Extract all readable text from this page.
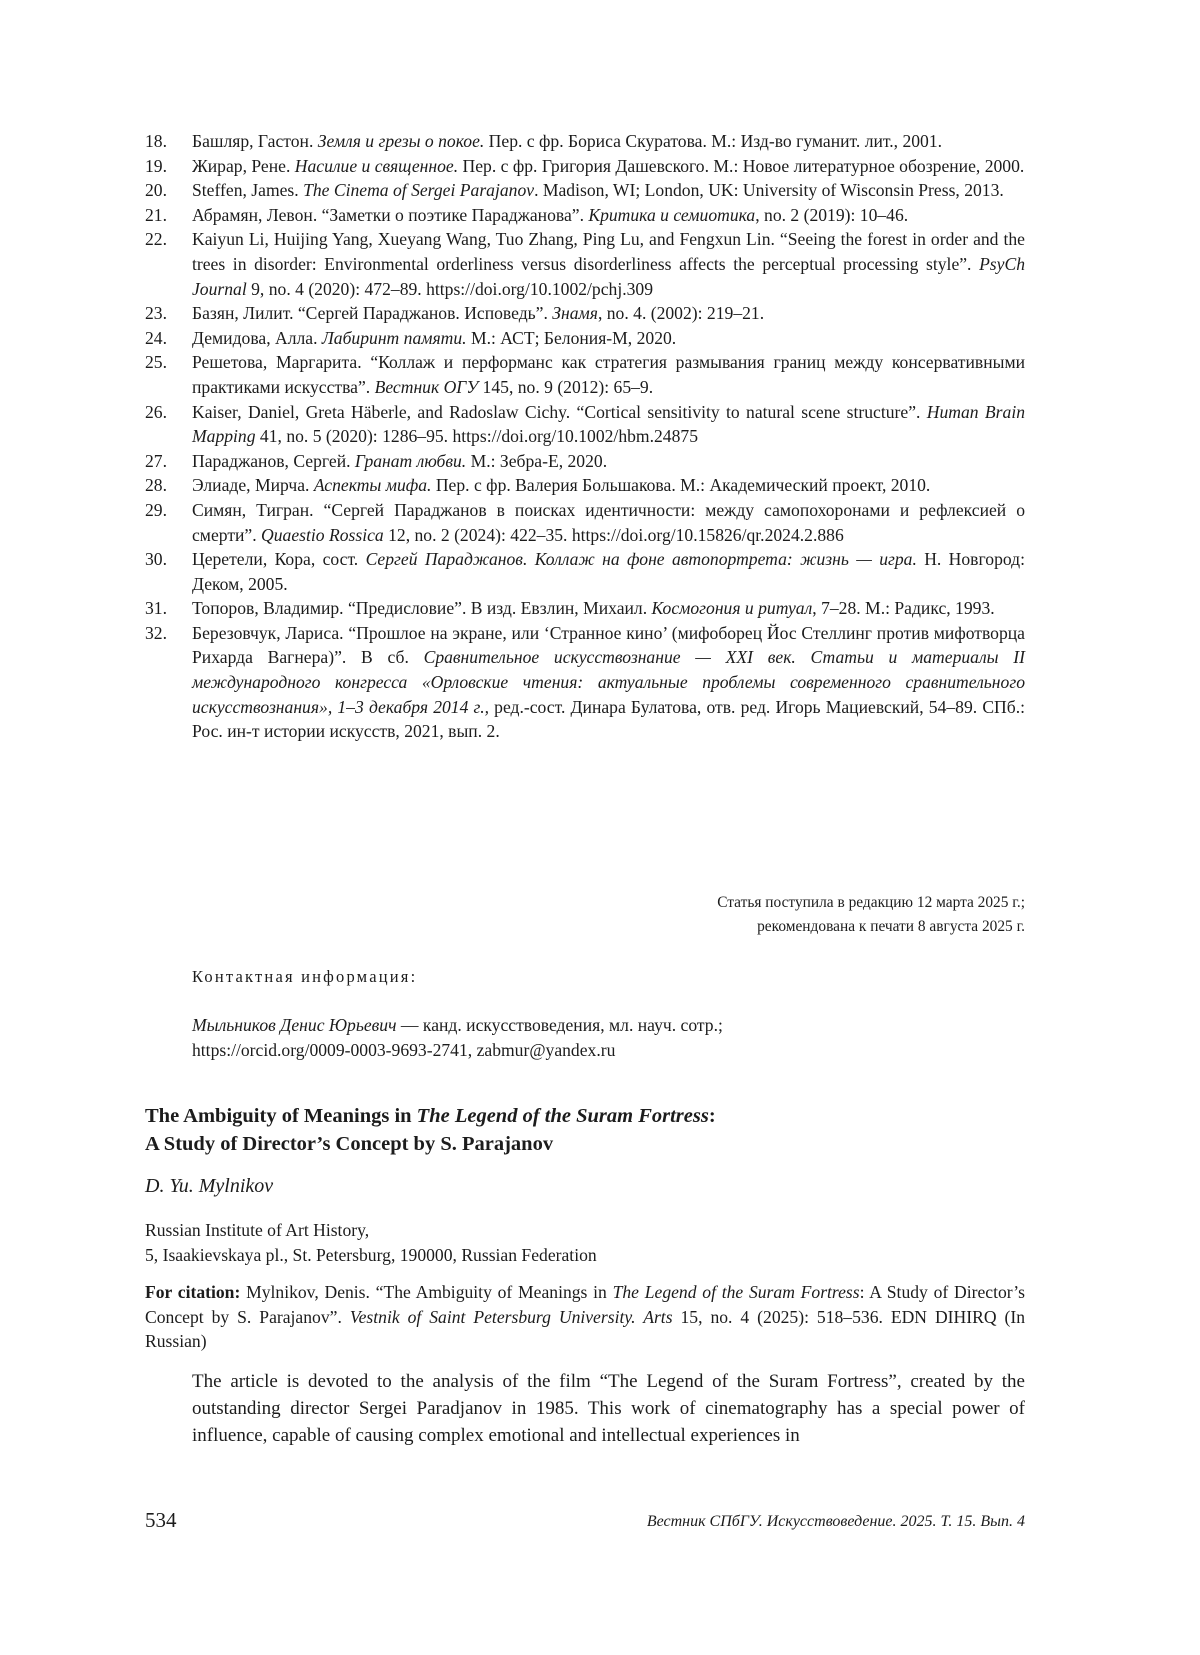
18.	Башляр, Гастон. Земля и грезы о покое. Пер. с фр. Бориса Скуратова. М.: Изд-во гуманит. лит., 2001.
19.	Жирар, Рене. Насилие и священное. Пер. с фр. Григория Дашевского. М.: Новое литературное обозрение, 2000.
20.	Steffen, James. The Cinema of Sergei Parajanov. Madison, WI; London, UK: University of Wisconsin Press, 2013.
21.	Абрамян, Левон. “Заметки о поэтике Параджанова”. Критика и семиотика, no. 2 (2019): 10–46.
22.	Kaiyun Li, Huijing Yang, Xueyang Wang, Tuo Zhang, Ping Lu, and Fengxun Lin. “Seeing the forest in order and the trees in disorder: Environmental orderliness versus disorderliness affects the perceptual processing style”. PsyCh Journal 9, no. 4 (2020): 472–89. https://doi.org/10.1002/pchj.309
23.	Базян, Лилит. “Сергей Параджанов. Исповедь”. Знамя, no. 4. (2002): 219–21.
24.	Демидова, Алла. Лабиринт памяти. М.: АСТ; Белония-М, 2020.
25.	Решетова, Маргарита. “Коллаж и перформанс как стратегия размывания границ между консервативными практиками искусства”. Вестник ОГУ 145, no. 9 (2012): 65–9.
26.	Kaiser, Daniel, Greta Häberle, and Radoslaw Cichy. “Cortical sensitivity to natural scene structure”. Human Brain Mapping 41, no. 5 (2020): 1286–95. https://doi.org/10.1002/hbm.24875
27.	Параджанов, Сергей. Гранат любви. М.: Зебра-Е, 2020.
28.	Элиаде, Мирча. Аспекты мифа. Пер. с фр. Валерия Большакова. М.: Академический проект, 2010.
29.	Симян, Тигран. “Сергей Параджанов в поисках идентичности: между самопохоронами и рефлексией о смерти”. Quaestio Rossica 12, no. 2 (2024): 422–35. https://doi.org/10.15826/qr.2024.2.886
30.	Церетели, Кора, сост. Сергей Параджанов. Коллаж на фоне автопортрета: жизнь — игра. Н. Новгород: Деком, 2005.
31.	Топоров, Владимир. “Предисловие”. В изд. Евзлин, Михаил. Космогония и ритуал, 7–28. М.: Радикс, 1993.
32.	Березовчук, Лариса. “Прошлое на экране, или ‘Странное кино’ (мифоборец Йос Стеллинг против мифотворца Рихарда Вагнера)”. В сб. Сравнительное искусствознание — XXI век. Статьи и материалы II международного конгресса «Орловские чтения: актуальные проблемы современного сравнительного искусствознания», 1–3 декабря 2014 г., ред.-сост. Динара Булатова, отв. ред. Игорь Мациевский, 54–89. СПб.: Рос. ин-т истории искусств, 2021, вып. 2.
Статья поступила в редакцию 12 марта 2025 г.;
рекомендована к печати 8 августа 2025 г.
Контактная информация:
Мыльников Денис Юрьевич — канд. искусствоведения, мл. науч. сотр.;
https://orcid.org/0009-0003-9693-2741, zabmur@yandex.ru
The Ambiguity of Meanings in The Legend of the Suram Fortress:
A Study of Director’s Concept by S. Parajanov
D. Yu. Mylnikov
Russian Institute of Art History,
5, Isaakievskaya pl., St. Petersburg, 190000, Russian Federation
For citation: Mylnikov, Denis. “The Ambiguity of Meanings in The Legend of the Suram Fortress: A Study of Director’s Concept by S. Parajanov”. Vestnik of Saint Petersburg University. Arts 15, no. 4 (2025): 518–536. EDN DIHIRQ (In Russian)
The article is devoted to the analysis of the film “The Legend of the Suram Fortress”, created by the outstanding director Sergei Paradjanov in 1985. This work of cinematography has a special power of influence, capable of causing complex emotional and intellectual experiences in
534	Вестник СПбГУ. Искусствоведение. 2025. Т. 15. Вып. 4
